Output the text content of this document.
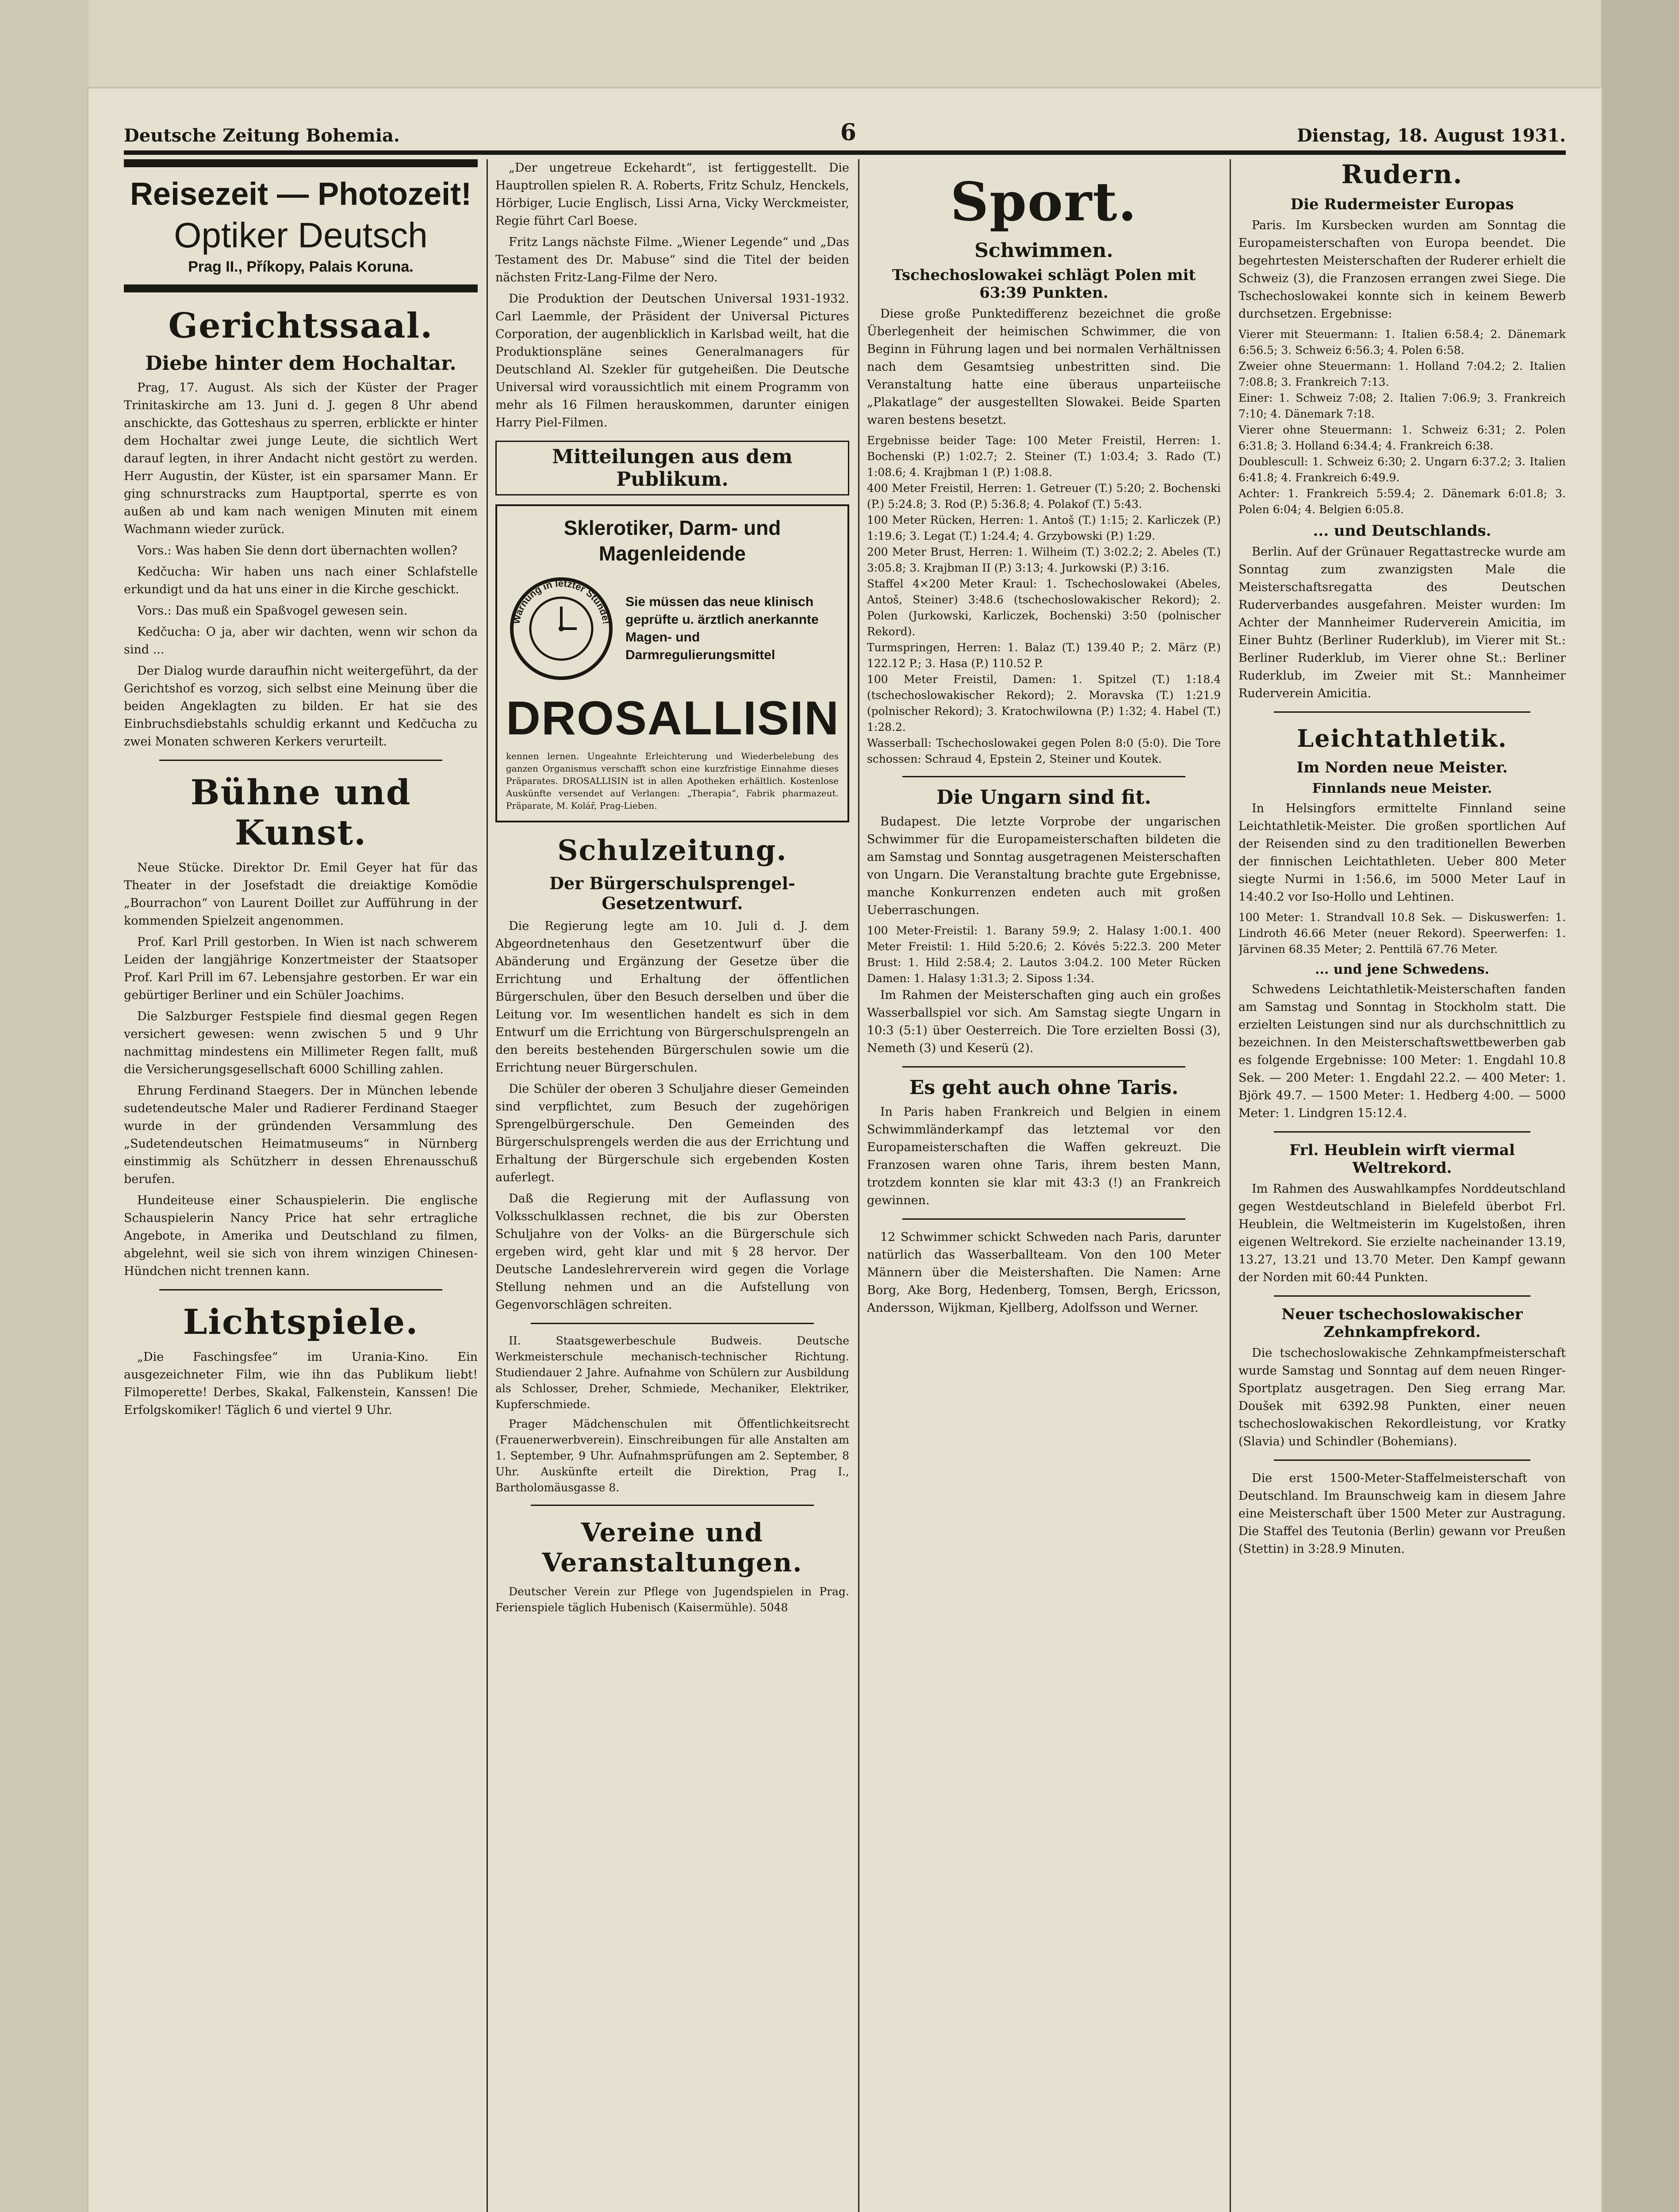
Deutsche Zeitung Bohemia.	6	Dienstag, 18. August 1931.
Reisezeit — Photozeit!
Optiker Deutsch
Prag II., Příkopy, Palais Koruna.
Gerichtssaal.
Diebe hinter dem Hochaltar.

Prag, 17. August. Als sich der Küster der Prager Trinitaskirche am 13. Juni d. J. gegen 8 Uhr abend anschickte, das Gotteshaus zu sperren, erblickte er hinter dem Hochaltar zwei junge Leute, die sichtlich Wert darauf legten, in ihrer Andacht nicht gestört zu werden. Herr Augustin, der Küster, ist ein sparsamer Mann. Er ging schnurstracks zum Hauptportal, sperrte es von außen ab und kam nach wenigen Minuten mit einem Wachmann wieder zurück.

Vors.: Was haben Sie denn dort übernachten wollen?

Kedčucha: Wir haben uns nach einer Schlafstelle erkundigt und da hat uns einer in die Kirche geschickt.

Vors.: Das muß ein Spaßvogel gewesen sein.

Kedčucha: O ja, aber wir dachten, wenn wir schon da sind ...

Der Dialog wurde daraufhin nicht weitergeführt, da der Gerichtshof es vorzog, sich selbst eine Meinung über die beiden Angeklagten zu bilden. Er hat sie des Einbruchsdiebstahls schuldig erkannt und Kedčucha zu zwei Monaten schweren Kerkers verurteilt.

Bühne und Kunst.

Neue Stücke. Direktor Dr. Emil Geyer hat für das Theater in der Josefstadt die dreiaktige Komödie „Bourrachon“ von Laurent Doillet zur Aufführung in der kommenden Spielzeit angenommen.

Prof. Karl Prill gestorben. In Wien ist nach schwerem Leiden der langjährige Konzertmeister der Staatsoper Prof. Karl Prill im 67. Lebensjahre gestorben. Er war ein gebürtiger Berliner und ein Schüler Joachims.

Die Salzburger Festspiele find diesmal gegen Regen versichert gewesen: wenn zwischen 5 und 9 Uhr nachmittag mindestens ein Millimeter Regen fallt, muß die Versicherungsgesellschaft 6000 Schilling zahlen.

Ehrung Ferdinand Staegers. Der in München lebende sudetendeutsche Maler und Radierer Ferdinand Staeger wurde in der gründenden Versammlung des „Sudetendeutschen Heimatmuseums“ in Nürnberg einstimmig als Schützherr in dessen Ehrenausschuß berufen.

Hundeiteuse einer Schauspielerin. Die englische Schauspielerin Nancy Price hat sehr ertragliche Angebote, in Amerika und Deutschland zu filmen, abgelehnt, weil sie sich von ihrem winzigen Chinesen-Hündchen nicht trennen kann.

Lichtspiele.

„Die Faschingsfee“ im Urania-Kino. Ein ausgezeichneter Film, wie ihn das Publikum liebt! Filmoperette! Derbes, Skakal, Falkenstein, Kanssen! Die Erfolgskomiker! Täglich 6 und viertel 9 Uhr.

„Der ungetreue Eckehardt“, ist fertiggestellt. Die Hauptrollen spielen R. A. Roberts, Fritz Schulz, Henckels, Hörbiger, Lucie Englisch, Lissi Arna, Vicky Werckmeister, Regie führt Carl Boese.

Fritz Langs nächste Filme. „Wiener Legende“ und „Das Testament des Dr. Mabuse“ sind die Titel der beiden nächsten Fritz-Lang-Filme der Nero.

Die Produktion der Deutschen Universal 1931-1932. Carl Laemmle, der Präsident der Universal Pictures Corporation, der augenblicklich in Karlsbad weilt, hat die Produktionspläne seines Generalmanagers für Deutschland Al. Szekler für gutgeheißen. Die Deutsche Universal wird voraussichtlich mit einem Programm von mehr als 16 Filmen herauskommen, darunter einigen Harry Piel-Filmen.

Mitteilungen aus dem Publikum.
Sklerotiker, Darm- und Magenleidende
Warnung in letzter Stunde!
Sie müssen das neue klinisch geprüfte u. ärztlich anerkannte Magen- und Darmregulierungsmittel
DROSALLISIN
kennen lernen. Ungeahnte Erleichterung und Wiederbelebung des ganzen Organismus verschafft schon eine kurzfristige Einnahme dieses Präparates. DROSALLISIN ist in allen Apotheken erhältlich. Kostenlose Auskünfte versendet auf Verlangen: „Therapia“, Fabrik pharmazeut. Präparate, M. Kolář, Prag-Lieben.
Schulzeitung.
Der Bürgerschulsprengel-Gesetzentwurf.

Die Regierung legte am 10. Juli d. J. dem Abgeordnetenhaus den Gesetzentwurf über die Abänderung und Ergänzung der Gesetze über die Errichtung und Erhaltung der öffentlichen Bürgerschulen, über den Besuch derselben und über die Leitung vor. Im wesentlichen handelt es sich in dem Entwurf um die Errichtung von Bürgerschulsprengeln an den bereits bestehenden Bürgerschulen sowie um die Errichtung neuer Bürgerschulen.

Die Schüler der oberen 3 Schuljahre dieser Gemeinden sind verpflichtet, zum Besuch der zugehörigen Sprengelbürgerschule. Den Gemeinden des Bürgerschulsprengels werden die aus der Errichtung und Erhaltung der Bürgerschule sich ergebenden Kosten auferlegt.

Daß die Regierung mit der Auflassung von Volksschulklassen rechnet, die bis zur Obersten Schuljahre von der Volks- an die Bürgerschule sich ergeben wird, geht klar und mit § 28 hervor. Der Deutsche Landeslehrerverein wird gegen die Vorlage Stellung nehmen und an die Aufstellung von Gegenvorschlägen schreiten.

II. Staatsgewerbeschule Budweis. Deutsche Werkmeisterschule mechanisch-technischer Richtung. Studiendauer 2 Jahre. Aufnahme von Schülern zur Ausbildung als Schlosser, Dreher, Schmiede, Mechaniker, Elektriker, Kupferschmiede.

Prager Mädchenschulen mit Öffentlichkeitsrecht (Frauenerwerbverein). Einschreibungen für alle Anstalten am 1. September, 9 Uhr. Aufnahmsprüfungen am 2. September, 8 Uhr. Auskünfte erteilt die Direktion, Prag I., Bartholomäusgasse 8.

Vereine und Veranstaltungen.

Deutscher Verein zur Pflege von Jugendspielen in Prag. Ferienspiele täglich Hubenisch (Kaisermühle). 5048

Sport.
Schwimmen.
Tschechoslowakei schlägt Polen mit 63:39 Punkten.

Diese große Punktedifferenz bezeichnet die große Überlegenheit der heimischen Schwimmer, die von Beginn in Führung lagen und bei normalen Verhältnissen nach dem Gesamtsieg unbestritten sind. Die Veranstaltung hatte eine überaus unparteiische „Plakatlage“ der ausgestellten Slowakei. Beide Sparten waren bestens besetzt.

Ergebnisse beider Tage: 100 Meter Freistil, Herren: 1. Bochenski (P.) 1:02.7; 2. Steiner (T.) 1:03.4; 3. Rado (T.) 1:08.6; 4. Krajbman 1 (P.) 1:08.8.

400 Meter Freistil, Herren: 1. Getreuer (T.) 5:20; 2. Bochenski (P.) 5:24.8; 3. Rod (P.) 5:36.8; 4. Polakof (T.) 5:43.

100 Meter Rücken, Herren: 1. Antoš (T.) 1:15; 2. Karliczek (P.) 1:19.6; 3. Legat (T.) 1:24.4; 4. Grzybowski (P.) 1:29.

200 Meter Brust, Herren: 1. Wilheim (T.) 3:02.2; 2. Abeles (T.) 3:05.8; 3. Krajbman II (P.) 3:13; 4. Jurkowski (P.) 3:16.

Staffel 4×200 Meter Kraul: 1. Tschechoslowakei (Abeles, Antoš, Steiner) 3:48.6 (tschechoslowakischer Rekord); 2. Polen (Jurkowski, Karliczek, Bochenski) 3:50 (polnischer Rekord).

Turmspringen, Herren: 1. Balaz (T.) 139.40 P.; 2. März (P.) 122.12 P.; 3. Hasa (P.) 110.52 P.

100 Meter Freistil, Damen: 1. Spitzel (T.) 1:18.4 (tschechoslowakischer Rekord); 2. Moravska (T.) 1:21.9 (polnischer Rekord); 3. Kratochwilowna (P.) 1:32; 4. Habel (T.) 1:28.2.

Wasserball: Tschechoslowakei gegen Polen 8:0 (5:0). Die Tore schossen: Schraud 4, Epstein 2, Steiner und Koutek.

Die Ungarn sind fit.

Budapest. Die letzte Vorprobe der ungarischen Schwimmer für die Europameisterschaften bildeten die am Samstag und Sonntag ausgetragenen Meisterschaften von Ungarn. Die Veranstaltung brachte gute Ergebnisse, manche Konkurrenzen endeten auch mit großen Ueberraschungen.

100 Meter-Freistil: 1. Barany 59.9; 2. Halasy 1:00.1. 400 Meter Freistil: 1. Hild 5:20.6; 2. Kóvés 5:22.3. 200 Meter Brust: 1. Hild 2:58.4; 2. Lautos 3:04.2. 100 Meter Rücken Damen: 1. Halasy 1:31.3; 2. Siposs 1:34.

Im Rahmen der Meisterschaften ging auch ein großes Wasserballspiel vor sich. Am Samstag siegte Ungarn in 10:3 (5:1) über Oesterreich. Die Tore erzielten Bossi (3), Nemeth (3) und Keserü (2).

Es geht auch ohne Taris.

In Paris haben Frankreich und Belgien in einem Schwimmländerkampf das letztemal vor den Europameisterschaften die Waffen gekreuzt. Die Franzosen waren ohne Taris, ihrem besten Mann, trotzdem konnten sie klar mit 43:3 (!) an Frankreich gewinnen.

12 Schwimmer schickt Schweden nach Paris, darunter natürlich das Wasserballteam. Von den 100 Meter Männern über die Meistershaften. Die Namen: Arne Borg, Ake Borg, Hedenberg, Tomsen, Bergh, Ericsson, Andersson, Wijkman, Kjellberg, Adolfsson und Werner.

Rudern.
Die Rudermeister Europas

Paris. Im Kursbecken wurden am Sonntag die Europameisterschaften von Europa beendet. Die begehrtesten Meisterschaften der Ruderer erhielt die Schweiz (3), die Franzosen errangen zwei Siege. Die Tschechoslowakei konnte sich in keinem Bewerb durchsetzen. Ergebnisse:

Vierer mit Steuermann: 1. Italien 6:58.4; 2. Dänemark 6:56.5; 3. Schweiz 6:56.3; 4. Polen 6:58.

Zweier ohne Steuermann: 1. Holland 7:04.2; 2. Italien 7:08.8; 3. Frankreich 7:13.

Einer: 1. Schweiz 7:08; 2. Italien 7:06.9; 3. Frankreich 7:10; 4. Dänemark 7:18.

Vierer ohne Steuermann: 1. Schweiz 6:31; 2. Polen 6:31.8; 3. Holland 6:34.4; 4. Frankreich 6:38.

Doublescull: 1. Schweiz 6:30; 2. Ungarn 6:37.2; 3. Italien 6:41.8; 4. Frankreich 6:49.9.

Achter: 1. Frankreich 5:59.4; 2. Dänemark 6:01.8; 3. Polen 6:04; 4. Belgien 6:05.8.

... und Deutschlands.

Berlin. Auf der Grünauer Regattastrecke wurde am Sonntag zum zwanzigsten Male die Meisterschaftsregatta des Deutschen Ruderverbandes ausgefahren. Meister wurden: Im Achter der Mannheimer Ruderverein Amicitia, im Einer Buhtz (Berliner Ruderklub), im Vierer mit St.: Berliner Ruderklub, im Vierer ohne St.: Berliner Ruderklub, im Zweier mit St.: Mannheimer Ruderverein Amicitia.

Leichtathletik.
Im Norden neue Meister.
Finnlands neue Meister.

In Helsingfors ermittelte Finnland seine Leichtathletik-Meister. Die großen sportlichen Auf der Reisenden sind zu den traditionellen Bewerben der finnischen Leichtathleten. Ueber 800 Meter siegte Nurmi in 1:56.6, im 5000 Meter Lauf in 14:40.2 vor Iso-Hollo und Lehtinen.

100 Meter: 1. Strandvall 10.8 Sek. — Diskuswerfen: 1. Lindroth 46.66 Meter (neuer Rekord). Speerwerfen: 1. Järvinen 68.35 Meter; 2. Penttilä 67.76 Meter.

... und jene Schwedens.

Schwedens Leichtathletik-Meisterschaften fanden am Samstag und Sonntag in Stockholm statt. Die erzielten Leistungen sind nur als durchschnittlich zu bezeichnen. In den Meisterschaftswettbewerben gab es folgende Ergebnisse: 100 Meter: 1. Engdahl 10.8 Sek. — 200 Meter: 1. Engdahl 22.2. — 400 Meter: 1. Björk 49.7. — 1500 Meter: 1. Hedberg 4:00. — 5000 Meter: 1. Lindgren 15:12.4.

Frl. Heublein wirft viermal Weltrekord.

Im Rahmen des Auswahlkampfes Norddeutschland gegen Westdeutschland in Bielefeld überbot Frl. Heublein, die Weltmeisterin im Kugelstoßen, ihren eigenen Weltrekord. Sie erzielte nacheinander 13.19, 13.27, 13.21 und 13.70 Meter. Den Kampf gewann der Norden mit 60:44 Punkten.

Neuer tschechoslowakischer Zehnkampfrekord.

Die tschechoslowakische Zehnkampfmeisterschaft wurde Samstag und Sonntag auf dem neuen Ringer-Sportplatz ausgetragen. Den Sieg errang Mar. Doušek mit 6392.98 Punkten, einer neuen tschechoslowakischen Rekordleistung, vor Kratky (Slavia) und Schindler (Bohemians).

Die erst 1500-Meter-Staffelmeisterschaft von Deutschland. Im Braunschweig kam in diesem Jahre eine Meisterschaft über 1500 Meter zur Austragung. Die Staffel des Teutonia (Berlin) gewann vor Preußen (Stettin) in 3:28.9 Minuten.
